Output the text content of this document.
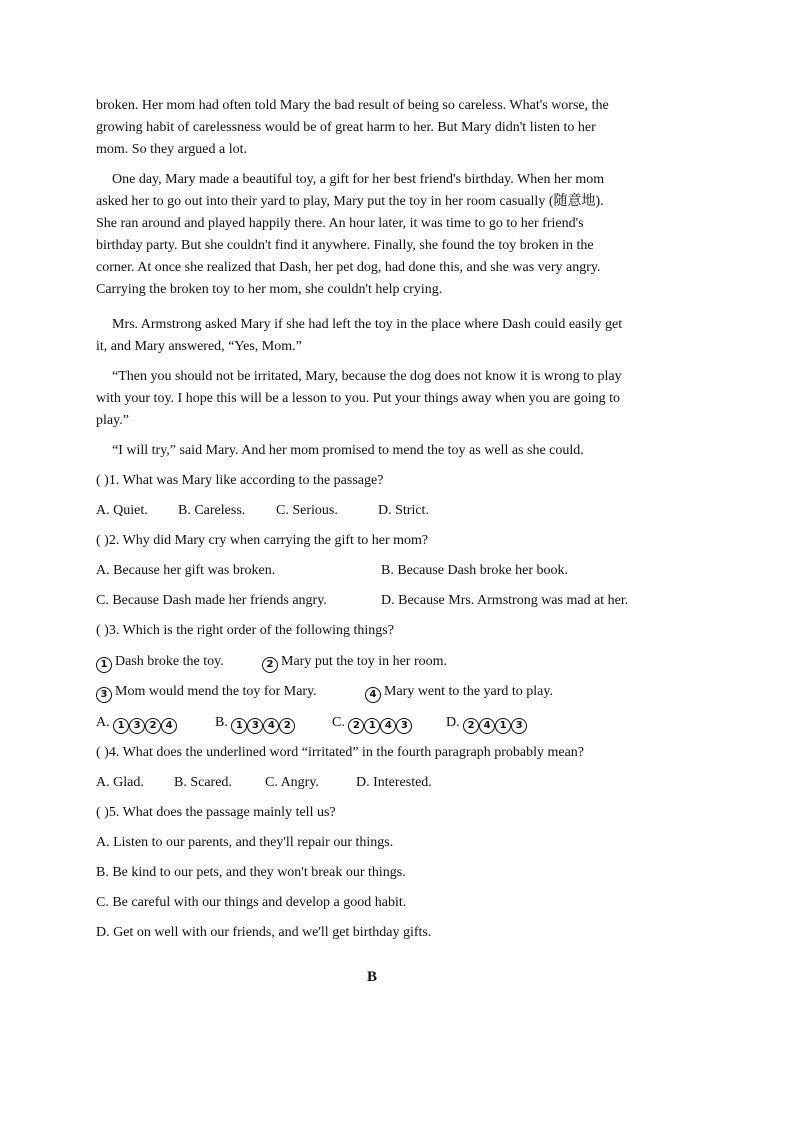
broken. Her mom had often told Mary the bad result of being so careless. What's worse, the
growing habit of carelessness would be of great harm to her. But Mary didn't listen to her
mom. So they argued a lot.
One day, Mary made a beautiful toy, a gift for her best friend's birthday. When her mom
asked her to go out into their yard to play, Mary put the toy in her room casually (随意地).
She ran around and played happily there. An hour later, it was time to go to her friend's
birthday party. But she couldn't find it anywhere. Finally, she found the toy broken in the
corner. At once she realized that Dash, her pet dog, had done this, and she was very angry.
Carrying the broken toy to her mom, she couldn't help crying.
Mrs. Armstrong asked Mary if she had left the toy in the place where Dash could easily get
it, and Mary answered, “Yes, Mom.”
“Then you should not be irritated, Mary, because the dog does not know it is wrong to play
with your toy. I hope this will be a lesson to you. Put your things away when you are going to
play.”
“I will try,” said Mary. And her mom promised to mend the toy as well as she could.
( )1. What was Mary like according to the passage?
A. Quiet. B. Careless. C. Serious.	D. Strict.
( )2. Why did Mary cry when carrying the gift to her mom?
A. Because her gift was broken.	B. Because Dash broke her book.
C. Because Dash made her friends angry.	D. Because Mrs. Armstrong was mad at her.
( )3. Which is the right order of the following things?
1 Dash broke the toy.	2 Mary put the toy in her room.
3 Mom would mend the toy for Mary.	4 Mary went to the yard to play.
A. 1 3 2 4	B. 1 3 4 2	C. 2 1 4 3	D. 2 4 1 3
( )4. What does the underlined word “irritated” in the fourth paragraph probably mean?
A. Glad. B. Scared. C. Angry.	D. Interested.
( )5. What does the passage mainly tell us?
A. Listen to our parents, and they'll repair our things.
B. Be kind to our pets, and they won't break our things.
C. Be careful with our things and develop a good habit.
D. Get on well with our friends, and we'll get birthday gifts.
B
